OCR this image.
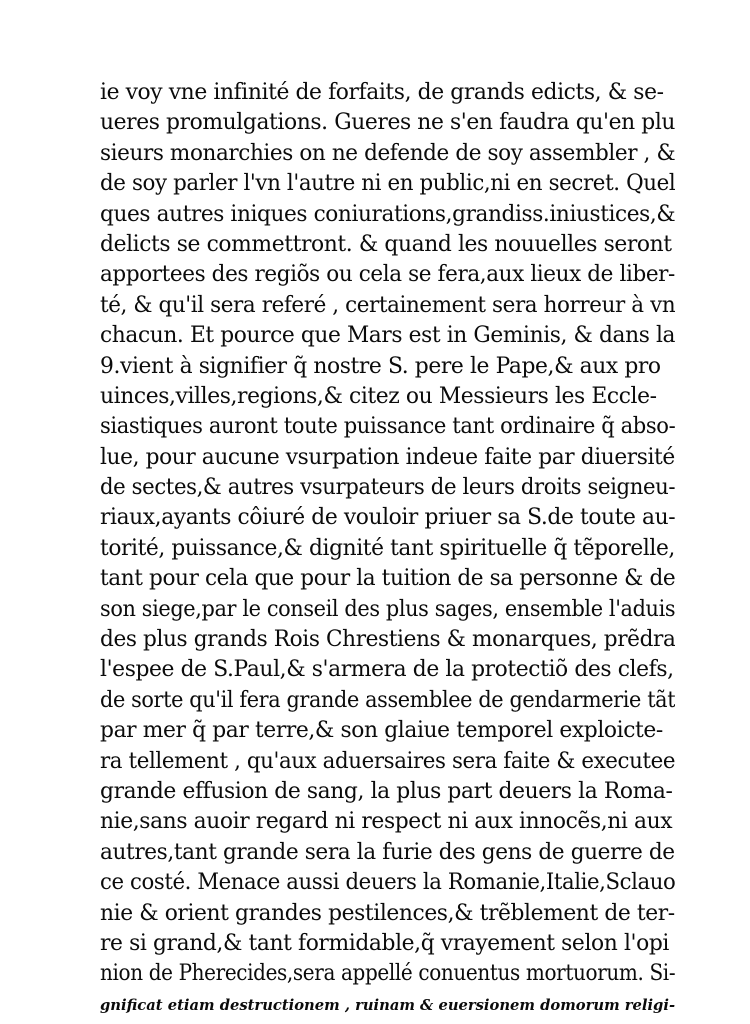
ie voy vne infinité de forfaits, de grands edicts, & se-
ueres promulgations. Gueres ne s'en faudra qu'en plu
sieurs monarchies on ne defende de soy assembler , &
de soy parler l'vn l'autre ni en public,ni en secret. Quel
ques autres iniques coniurations,grandiss.iniustices,&
delicts se commettront. & quand les nouuelles seront
apportees des regiõs ou cela se fera,aux lieux de liber-
té, & qu'il sera referé , certainement sera horreur à vn
chacun. Et pource que Mars est in Geminis, & dans la
9.vient à signifier q̃ nostre S. pere le Pape,& aux pro
uinces,villes,regions,& citez ou Messieurs les Eccle-
siastiques auront toute puissance tant ordinaire q̃ abso-
lue, pour aucune vsurpation indeue faite par diuersité
de sectes,& autres vsurpateurs de leurs droits seigneu-
riaux,ayants côiuré de vouloir priuer sa S.de toute au-
torité, puissance,& dignité tant spirituelle q̃ tẽporelle,
tant pour cela que pour la tuition de sa personne & de
son siege,par le conseil des plus sages, ensemble l'aduis
des plus grands Rois Chrestiens & monarques, prẽdra
l'espee de S.Paul,& s'armera de la protectiõ des clefs,
de sorte qu'il fera grande assemblee de gendarmerie tãt
par mer q̃ par terre,& son glaiue temporel exploicte-
ra tellement , qu'aux aduersaires sera faite & executee
grande effusion de sang, la plus part deuers la Roma-
nie,sans auoir regard ni respect ni aux innocẽs,ni aux
autres,tant grande sera la furie des gens de guerre de
ce costé. Menace aussi deuers la Romanie,Italie,Sclauo
nie & orient grandes pestilences,& trẽblement de ter-
re si grand,& tant formidable,q̃ vrayement selon l'opi
nion de Pherecides,sera appellé conuentus mortuorum. Si-
gnificat etiam destructionem , ruinam & euersionem domorum religi-
